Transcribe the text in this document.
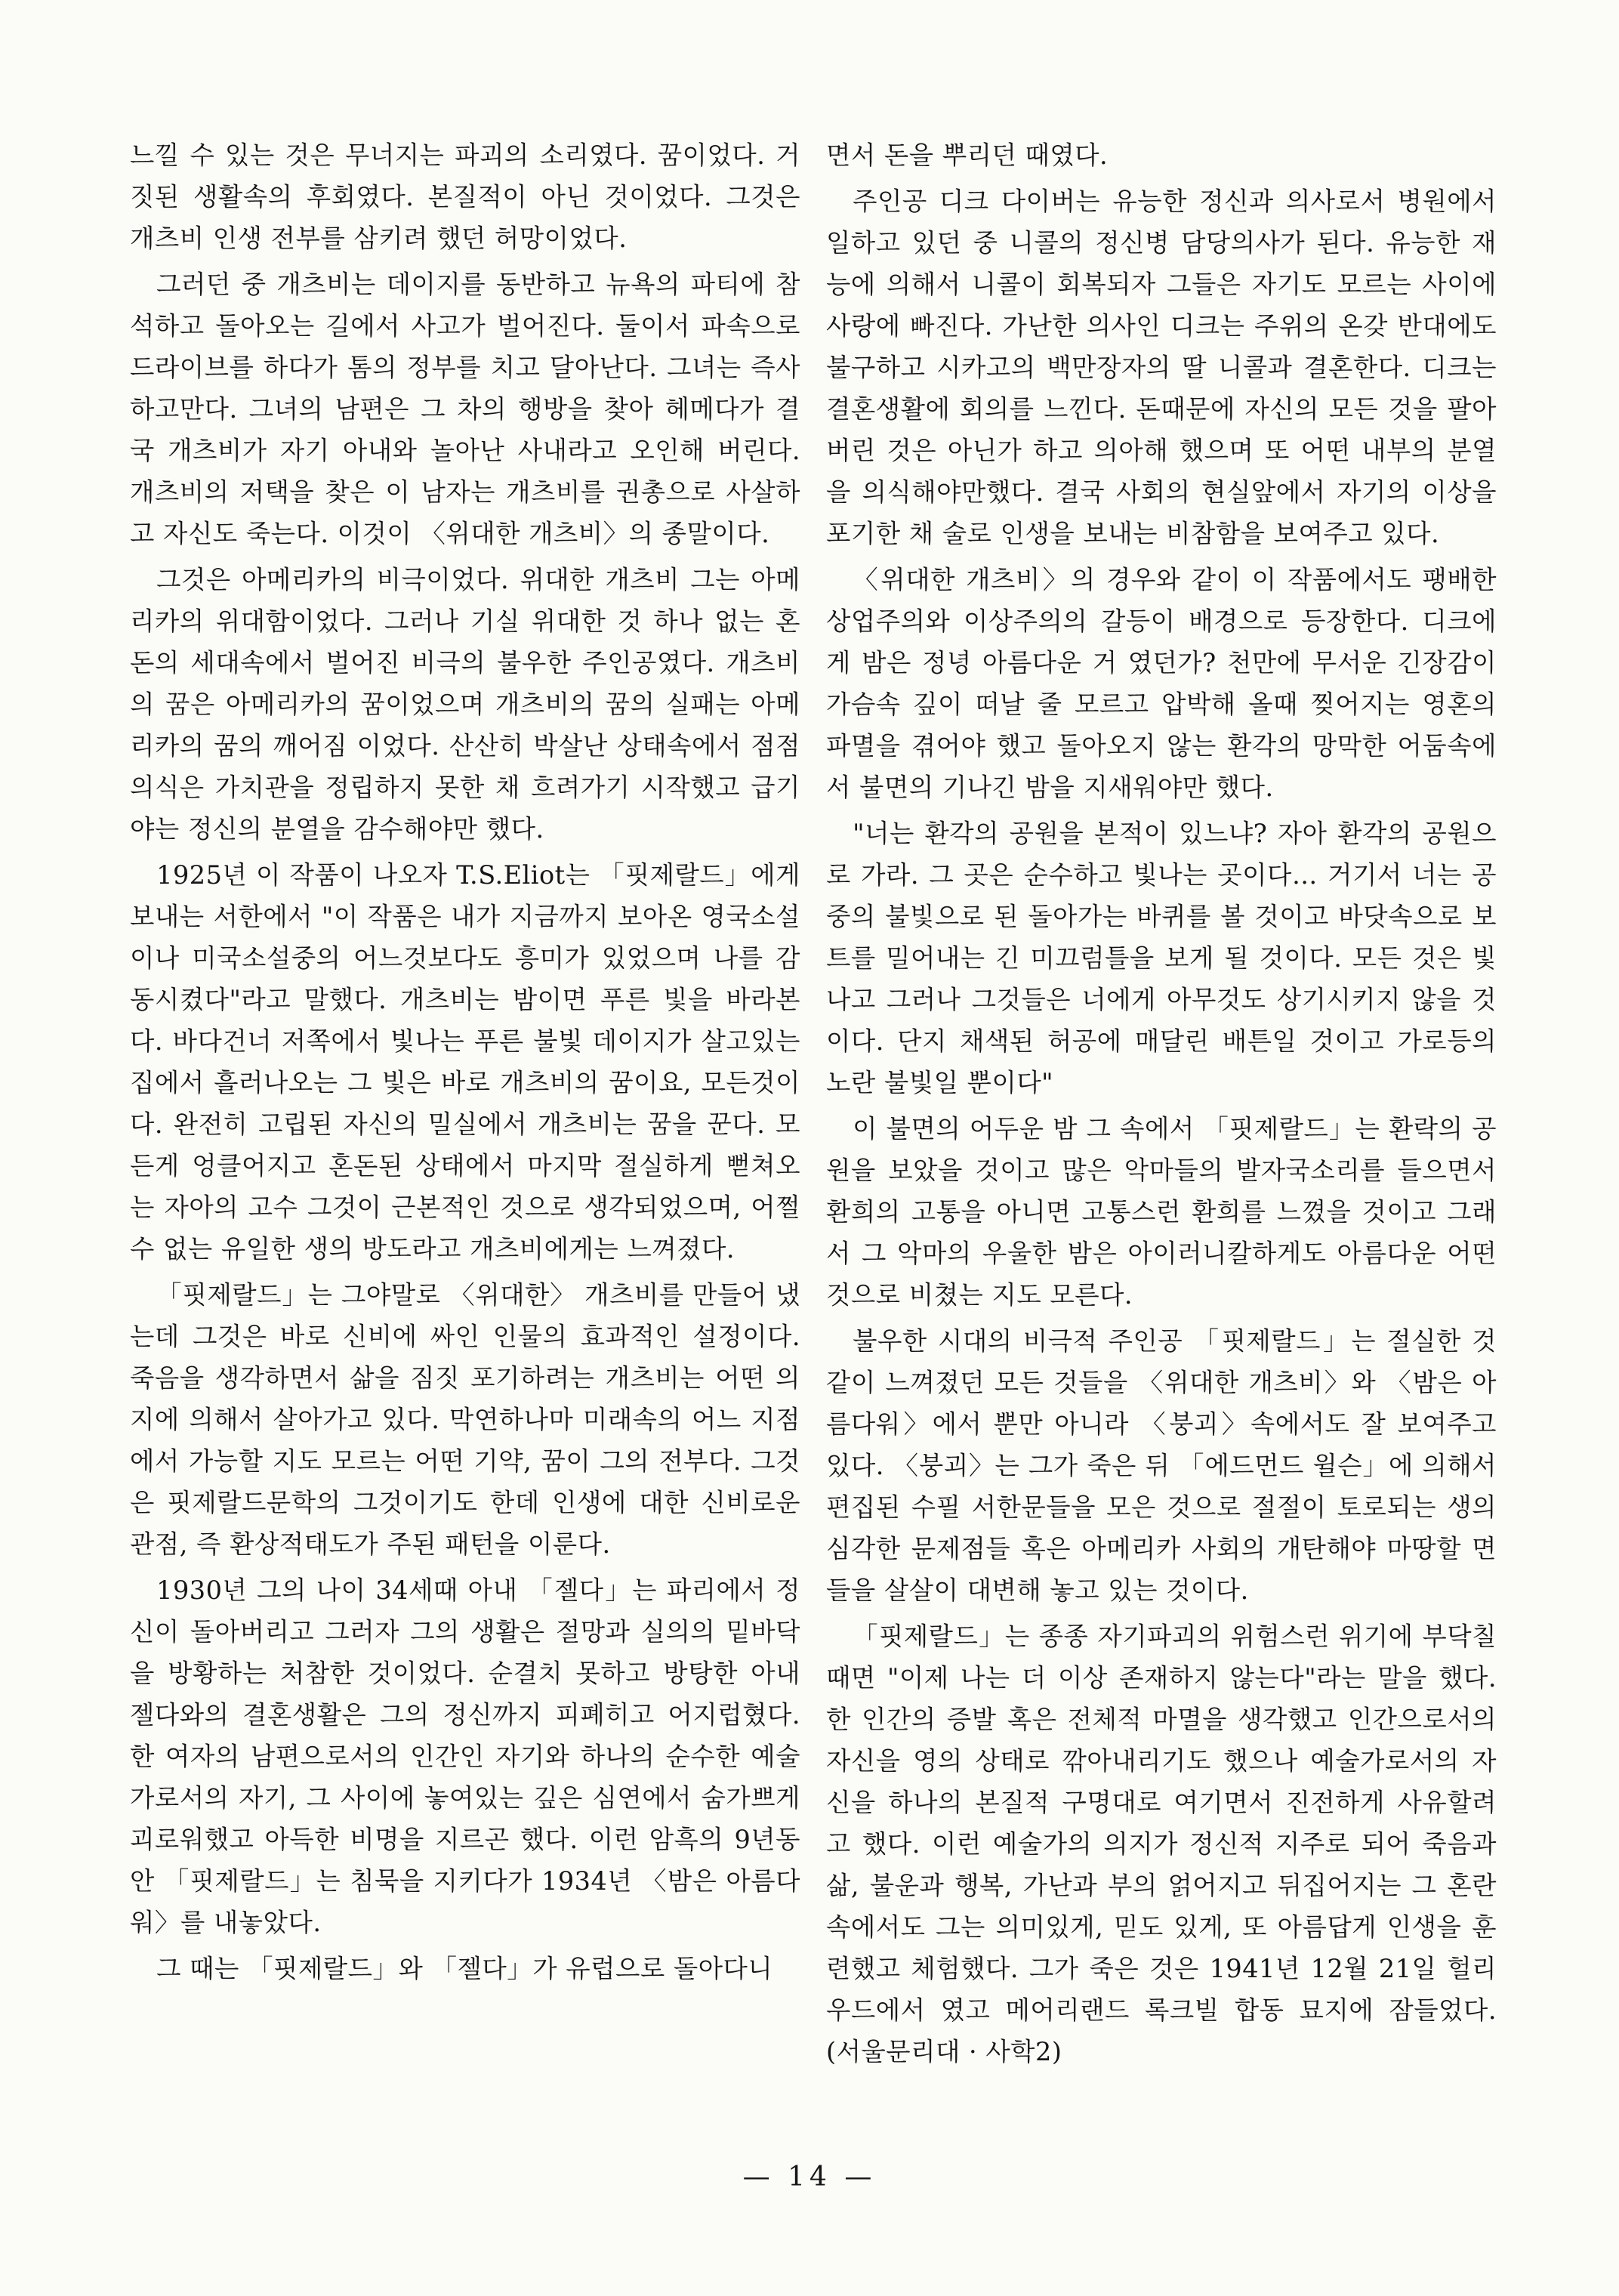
느낄 수 있는 것은 무너지는 파괴의 소리였다. 꿈이었다. 거짓된 생활속의 후회였다. 본질적이 아닌 것이었다. 그것은 개츠비 인생 전부를 삼키려 했던 허망이었다.

그러던 중 개츠비는 데이지를 동반하고 뉴욕의 파티에 참석하고 돌아오는 길에서 사고가 벌어진다. 둘이서 파속으로 드라이브를 하다가 톰의 정부를 치고 달아난다. 그녀는 즉사하고만다. 그녀의 남편은 그 차의 행방을 찾아 헤메다가 결국 개츠비가 자기 아내와 놀아난 사내라고 오인해 버린다. 개츠비의 저택을 찾은 이 남자는 개츠비를 권총으로 사살하고 자신도 죽는다. 이것이 〈위대한 개츠비〉의 종말이다.

그것은 아메리카의 비극이었다. 위대한 개츠비 그는 아메리카의 위대함이었다. 그러나 기실 위대한 것 하나 없는 혼돈의 세대속에서 벌어진 비극의 불우한 주인공였다. 개츠비의 꿈은 아메리카의 꿈이었으며 개츠비의 꿈의 실패는 아메리카의 꿈의 깨어짐 이었다. 산산히 박살난 상태속에서 점점 의식은 가치관을 정립하지 못한 채 흐려가기 시작했고 급기야는 정신의 분열을 감수해야만 했다.

1925년 이 작품이 나오자 T.S.Eliot는 「핏제랄드」에게 보내는 서한에서 "이 작품은 내가 지금까지 보아온 영국소설이나 미국소설중의 어느것보다도 흥미가 있었으며 나를 감동시켰다"라고 말했다. 개츠비는 밤이면 푸른 빛을 바라본다. 바다건너 저쪽에서 빛나는 푸른 불빛 데이지가 살고있는 집에서 흘러나오는 그 빛은 바로 개츠비의 꿈이요, 모든것이다. 완전히 고립된 자신의 밀실에서 개츠비는 꿈을 꾼다. 모든게 엉클어지고 혼돈된 상태에서 마지막 절실하게 뻗쳐오는 자아의 고수 그것이 근본적인 것으로 생각되었으며, 어쩔 수 없는 유일한 생의 방도라고 개츠비에게는 느껴졌다.

「핏제랄드」는 그야말로 〈위대한〉 개츠비를 만들어 냈는데 그것은 바로 신비에 싸인 인물의 효과적인 설정이다. 죽음을 생각하면서 삶을 짐짓 포기하려는 개츠비는 어떤 의지에 의해서 살아가고 있다. 막연하나마 미래속의 어느 지점에서 가능할 지도 모르는 어떤 기약, 꿈이 그의 전부다. 그것은 핏제랄드문학의 그것이기도 한데 인생에 대한 신비로운 관점, 즉 환상적태도가 주된 패턴을 이룬다.

1930년 그의 나이 34세때 아내 「젤다」는 파리에서 정신이 돌아버리고 그러자 그의 생활은 절망과 실의의 밑바닥을 방황하는 처참한 것이었다. 순결치 못하고 방탕한 아내 젤다와의 결혼생활은 그의 정신까지 피폐히고 어지럽혔다. 한 여자의 남편으로서의 인간인 자기와 하나의 순수한 예술가로서의 자기, 그 사이에 놓여있는 깊은 심연에서 숨가쁘게 괴로워했고 아득한 비명을 지르곤 했다. 이런 암흑의 9년동안 「핏제랄드」는 침묵을 지키다가 1934년 〈밤은 아름다워〉를 내놓았다.

그 때는 「핏제랄드」와 「젤다」가 유럽으로 돌아다니

면서 돈을 뿌리던 때였다.

주인공 디크 다이버는 유능한 정신과 의사로서 병원에서 일하고 있던 중 니콜의 정신병 담당의사가 된다. 유능한 재능에 의해서 니콜이 회복되자 그들은 자기도 모르는 사이에 사랑에 빠진다. 가난한 의사인 디크는 주위의 온갖 반대에도 불구하고 시카고의 백만장자의 딸 니콜과 결혼한다. 디크는 결혼생활에 회의를 느낀다. 돈때문에 자신의 모든 것을 팔아버린 것은 아닌가 하고 의아해 했으며 또 어떤 내부의 분열을 의식해야만했다. 결국 사회의 현실앞에서 자기의 이상을 포기한 채 술로 인생을 보내는 비참함을 보여주고 있다.

〈위대한 개츠비〉의 경우와 같이 이 작품에서도 팽배한 상업주의와 이상주의의 갈등이 배경으로 등장한다. 디크에게 밤은 정녕 아름다운 거 였던가? 천만에 무서운 긴장감이 가슴속 깊이 떠날 줄 모르고 압박해 올때 찢어지는 영혼의 파멸을 겪어야 했고 돌아오지 않는 환각의 망막한 어둠속에서 불면의 기나긴 밤을 지새워야만 했다.

"너는 환각의 공원을 본적이 있느냐? 자아 환각의 공원으로 가라. 그 곳은 순수하고 빛나는 곳이다… 거기서 너는 공중의 불빛으로 된 돌아가는 바퀴를 볼 것이고 바닷속으로 보트를 밀어내는 긴 미끄럼틀을 보게 될 것이다. 모든 것은 빛나고 그러나 그것들은 너에게 아무것도 상기시키지 않을 것이다. 단지 채색된 허공에 매달린 배튼일 것이고 가로등의 노란 불빛일 뿐이다"

이 불면의 어두운 밤 그 속에서 「핏제랄드」는 환락의 공원을 보았을 것이고 많은 악마들의 발자국소리를 들으면서 환희의 고통을 아니면 고통스런 환희를 느꼈을 것이고 그래서 그 악마의 우울한 밤은 아이러니칼하게도 아름다운 어떤 것으로 비쳤는 지도 모른다.

불우한 시대의 비극적 주인공 「핏제랄드」는 절실한 것같이 느껴졌던 모든 것들을 〈위대한 개츠비〉와 〈밤은 아름다워〉에서 뿐만 아니라 〈붕괴〉속에서도 잘 보여주고 있다. 〈붕괴〉는 그가 죽은 뒤 「에드먼드 윌슨」에 의해서 편집된 수필 서한문들을 모은 것으로 절절이 토로되는 생의 심각한 문제점들 혹은 아메리카 사회의 개탄해야 마땅할 면들을 살살이 대변해 놓고 있는 것이다.

「핏제랄드」는 종종 자기파괴의 위험스런 위기에 부닥칠때면 "이제 나는 더 이상 존재하지 않는다"라는 말을 했다. 한 인간의 증발 혹은 전체적 마멸을 생각했고 인간으로서의 자신을 영의 상태로 깎아내리기도 했으나 예술가로서의 자신을 하나의 본질적 구명대로 여기면서 진전하게 사유할려고 했다. 이런 예술가의 의지가 정신적 지주로 되어 죽음과 삶, 불운과 행복, 가난과 부의 얽어지고 뒤집어지는 그 혼란속에서도 그는 의미있게, 믿도 있게, 또 아름답게 인생을 훈련했고 체험했다. 그가 죽은 것은 1941년 12월 21일 헐리우드에서 였고 메어리랜드 록크빌 합동 묘지에 잠들었다. (서울문리대 · 사학2)

— 14 —
